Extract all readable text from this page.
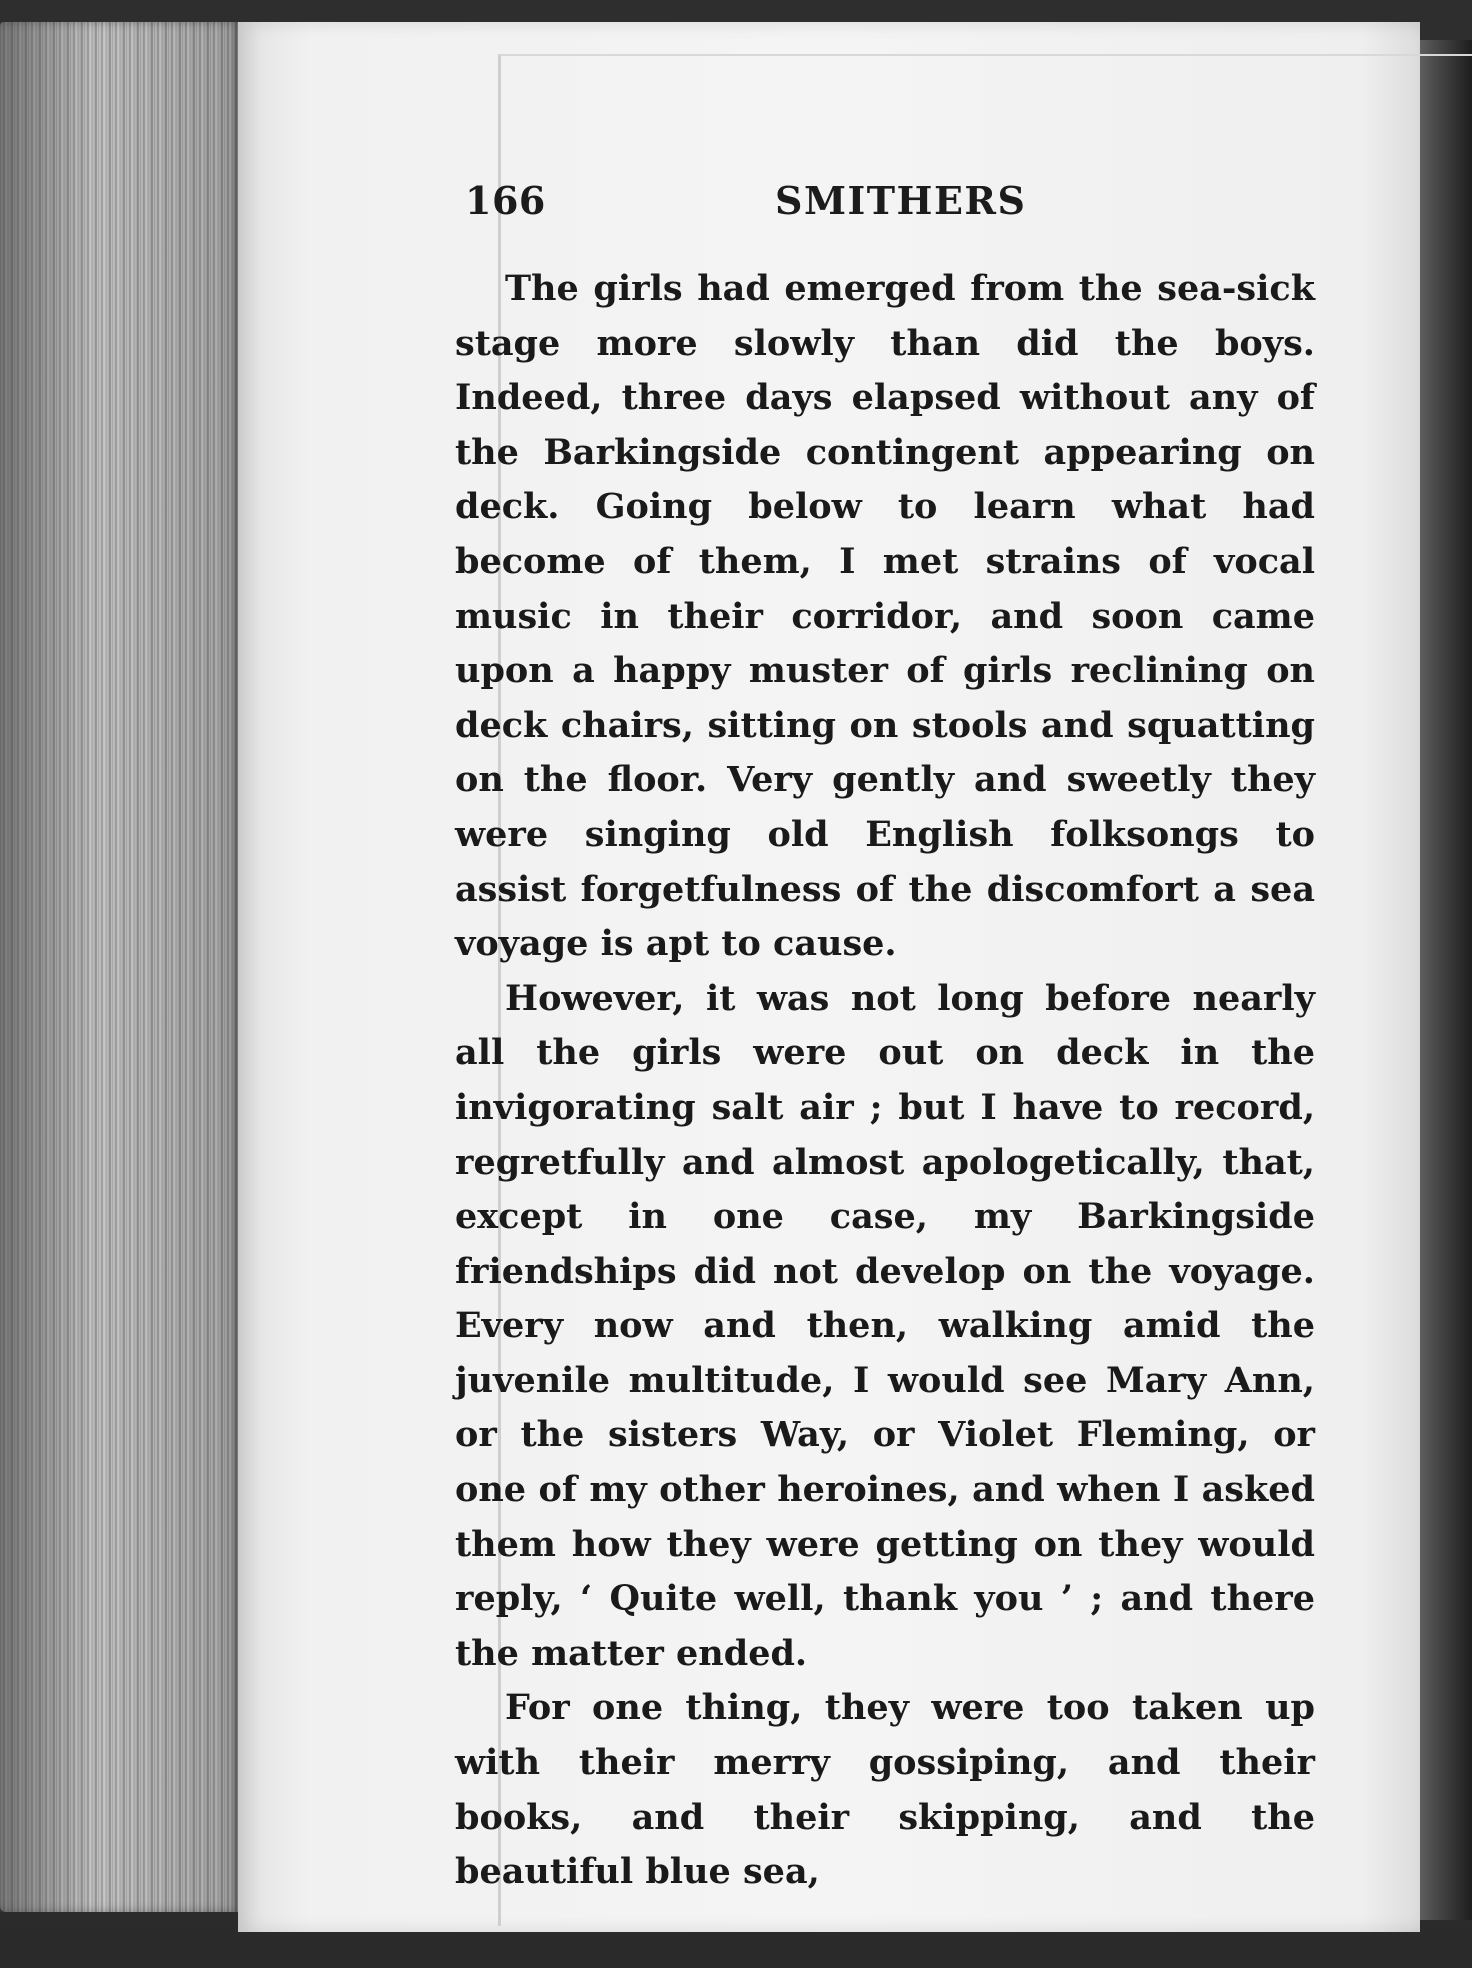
166	SMITHERS

The girls had emerged from the sea-sick stage more slowly than did the boys. Indeed, three days elapsed without any of the Barkingside contingent appearing on deck. Going below to learn what had become of them, I met strains of vocal music in their corridor, and soon came upon a happy muster of girls reclining on deck chairs, sitting on stools and squatting on the floor. Very gently and sweetly they were singing old English folksongs to assist forgetfulness of the discomfort a sea voyage is apt to cause.

However, it was not long before nearly all the girls were out on deck in the invigorating salt air ; but I have to record, regretfully and almost apologetically, that, except in one case, my Barkingside friendships did not develop on the voyage. Every now and then, walking amid the juvenile multitude, I would see Mary Ann, or the sisters Way, or Violet Fleming, or one of my other heroines, and when I asked them how they were getting on they would reply, ‘ Quite well, thank you ’ ; and there the matter ended.

For one thing, they were too taken up with their merry gossiping, and their books, and their skipping, and the beautiful blue sea,
